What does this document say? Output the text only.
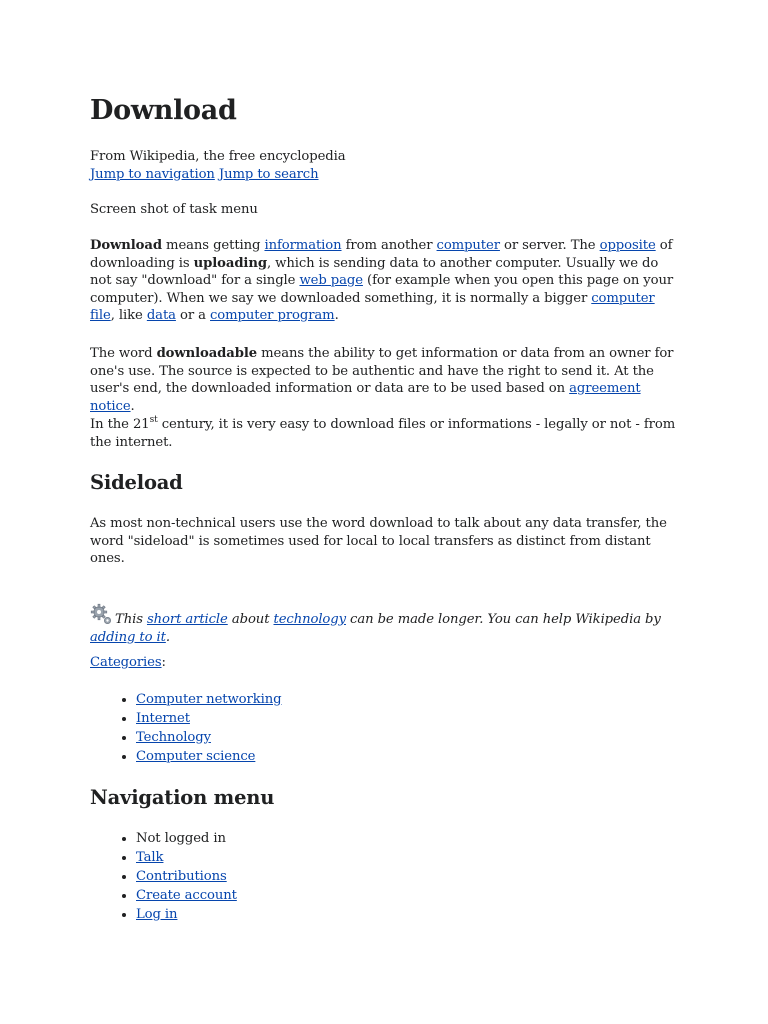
Download
From Wikipedia, the free encyclopedia
Jump to navigation Jump to search
Screen shot of task menu

Download means getting information from another computer or server. The opposite of downloading is uploading, which is sending data to another computer. Usually we do not say "download" for a single web page (for example when you open this page on your computer). When we say we downloaded something, it is normally a bigger computer file, like data or a computer program.

The word downloadable means the ability to get information or data from an owner for one's use. The source is expected to be authentic and have the right to send it. At the user's end, the downloaded information or data are to be used based on agreement notice.

In the 21st century, it is very easy to download files or informations - legally or not - from the internet.

Sideload

As most non-technical users use the word download to talk about any data transfer, the word "sideload" is sometimes used for local to local transfers as distinct from distant ones.

This short article about technology can be made longer. You can help Wikipedia by adding to it.
Categories:
• Computer networking
• Internet
• Technology
• Computer science
Navigation menu
• Not logged in
• Talk
• Contributions
• Create account
• Log in
